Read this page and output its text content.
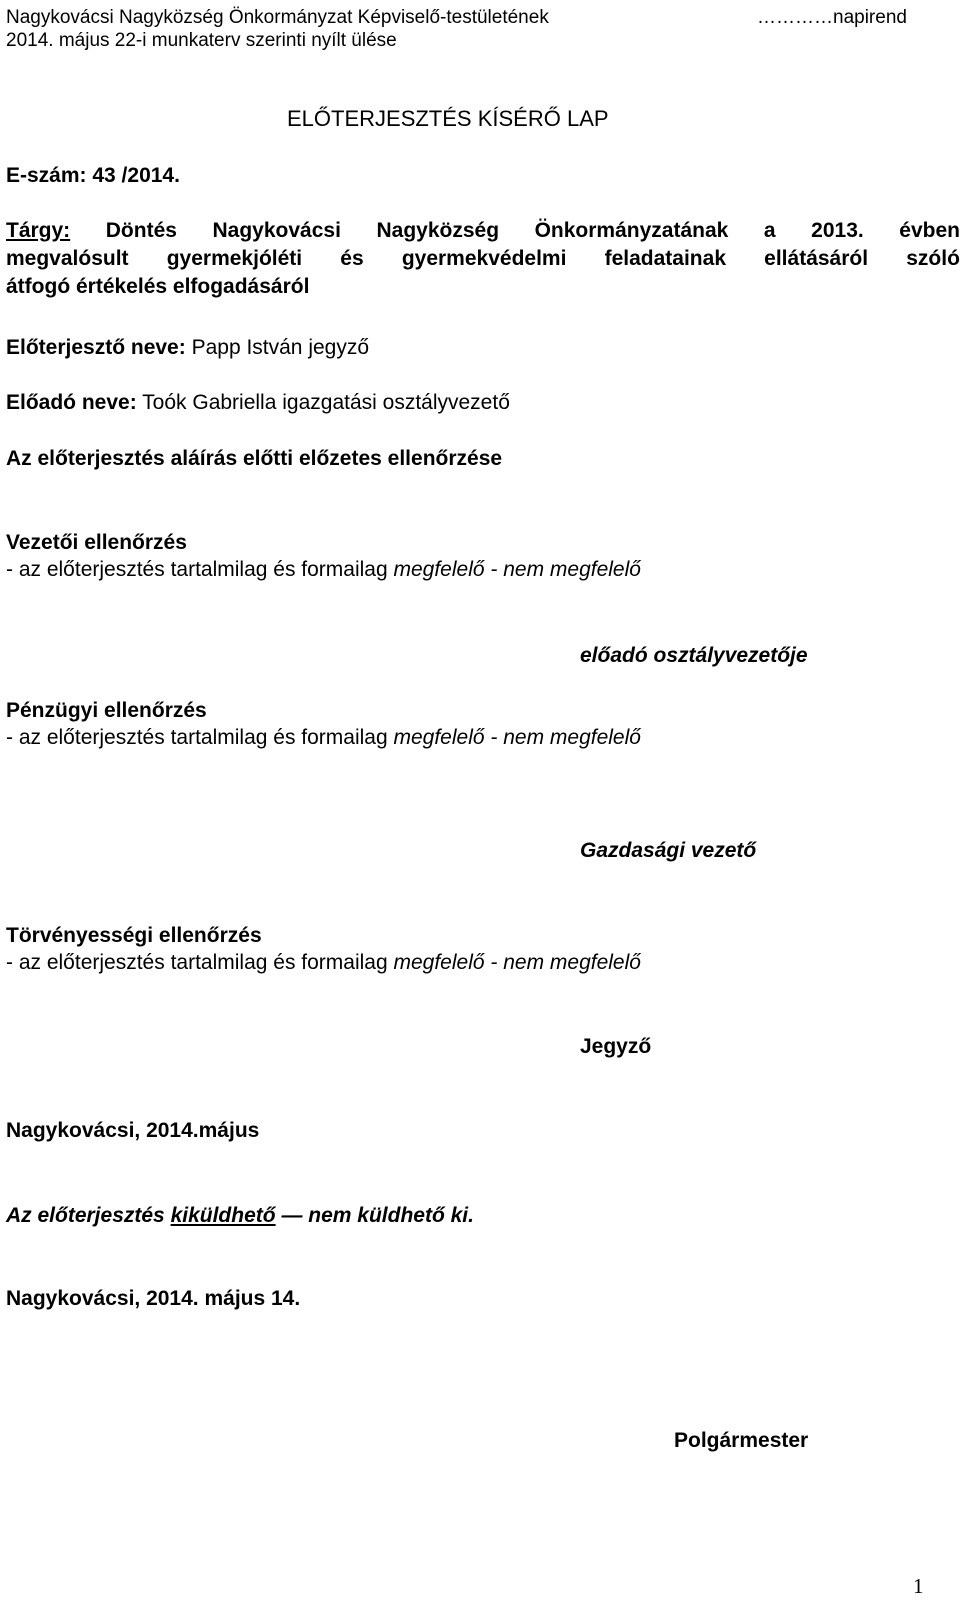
Nagykovácsi Nagyközség Önkormányzat Képviselő-testületének	…………napirend
2014. május 22-i munkaterv szerinti nyílt ülése
ELŐTERJESZTÉS KÍSÉRŐ LAP
E-szám: 43 /2014.
Tárgy: Döntés Nagykovácsi Nagyközség Önkormányzatának a 2013. évben
megvalósult gyermekjóléti és gyermekvédelmi feladatainak ellátásáról szóló
átfogó értékelés elfogadásáról
Előterjesztő neve: Papp István jegyző
Előadó neve: Toók Gabriella igazgatási osztályvezető
Az előterjesztés aláírás előtti előzetes ellenőrzése
Vezetői ellenőrzés
- az előterjesztés tartalmilag és formailag megfelelő - nem megfelelő
előadó osztályvezetője
Pénzügyi ellenőrzés
- az előterjesztés tartalmilag és formailag megfelelő - nem megfelelő
Gazdasági vezető
Törvényességi ellenőrzés
- az előterjesztés tartalmilag és formailag megfelelő - nem megfelelő
Jegyző
Nagykovácsi, 2014.május
Az előterjesztés kiküldhető — nem küldhető ki.
Nagykovácsi, 2014. május 14.
Polgármester
1
